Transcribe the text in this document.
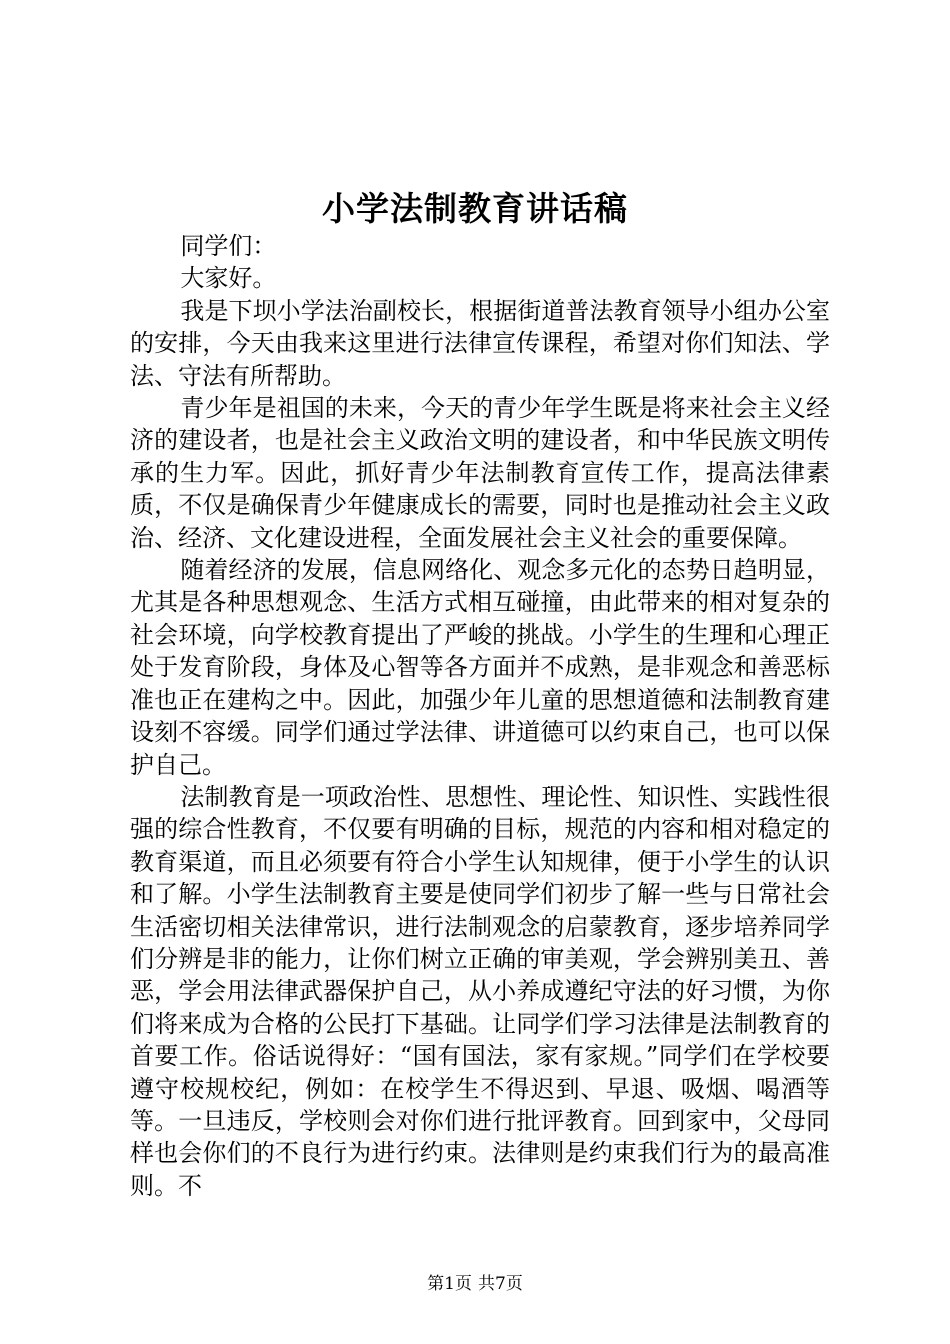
小学法制教育讲话稿

同学们：

大家好。

我是下坝小学法治副校长，根据街道普法教育领导小组办公室的安排，今天由我来这里进行法律宣传课程，希望对你们知法、学法、守法有所帮助。

青少年是祖国的未来，今天的青少年学生既是将来社会主义经济的建设者，也是社会主义政治文明的建设者，和中华民族文明传承的生力军。因此，抓好青少年法制教育宣传工作，提高法律素质，不仅是确保青少年健康成长的需要，同时也是推动社会主义政治、经济、文化建设进程，全面发展社会主义社会的重要保障。

随着经济的发展，信息网络化、观念多元化的态势日趋明显，尤其是各种思想观念、生活方式相互碰撞，由此带来的相对复杂的社会环境，向学校教育提出了严峻的挑战。小学生的生理和心理正处于发育阶段，身体及心智等各方面并不成熟，是非观念和善恶标准也正在建构之中。因此，加强少年儿童的思想道德和法制教育建设刻不容缓。同学们通过学法律、讲道德可以约束自己，也可以保护自己。

法制教育是一项政治性、思想性、理论性、知识性、实践性很强的综合性教育，不仅要有明确的目标，规范的内容和相对稳定的教育渠道，而且必须要有符合小学生认知规律，便于小学生的认识和了解。小学生法制教育主要是使同学们初步了解一些与日常社会生活密切相关法律常识，进行法制观念的启蒙教育，逐步培养同学们分辨是非的能力，让你们树立正确的审美观，学会辨别美丑、善恶，学会用法律武器保护自己，从小养成遵纪守法的好习惯，为你们将来成为合格的公民打下基础。让同学们学习法律是法制教育的首要工作。俗话说得好：“国有国法，家有家规。”同学们在学校要遵守校规校纪，例如：在校学生不得迟到、早退、吸烟、喝酒等等。一旦违反，学校则会对你们进行批评教育。回到家中，父母同样也会你们的不良行为进行约束。法律则是约束我们行为的最高准则。不

第1页 共7页
